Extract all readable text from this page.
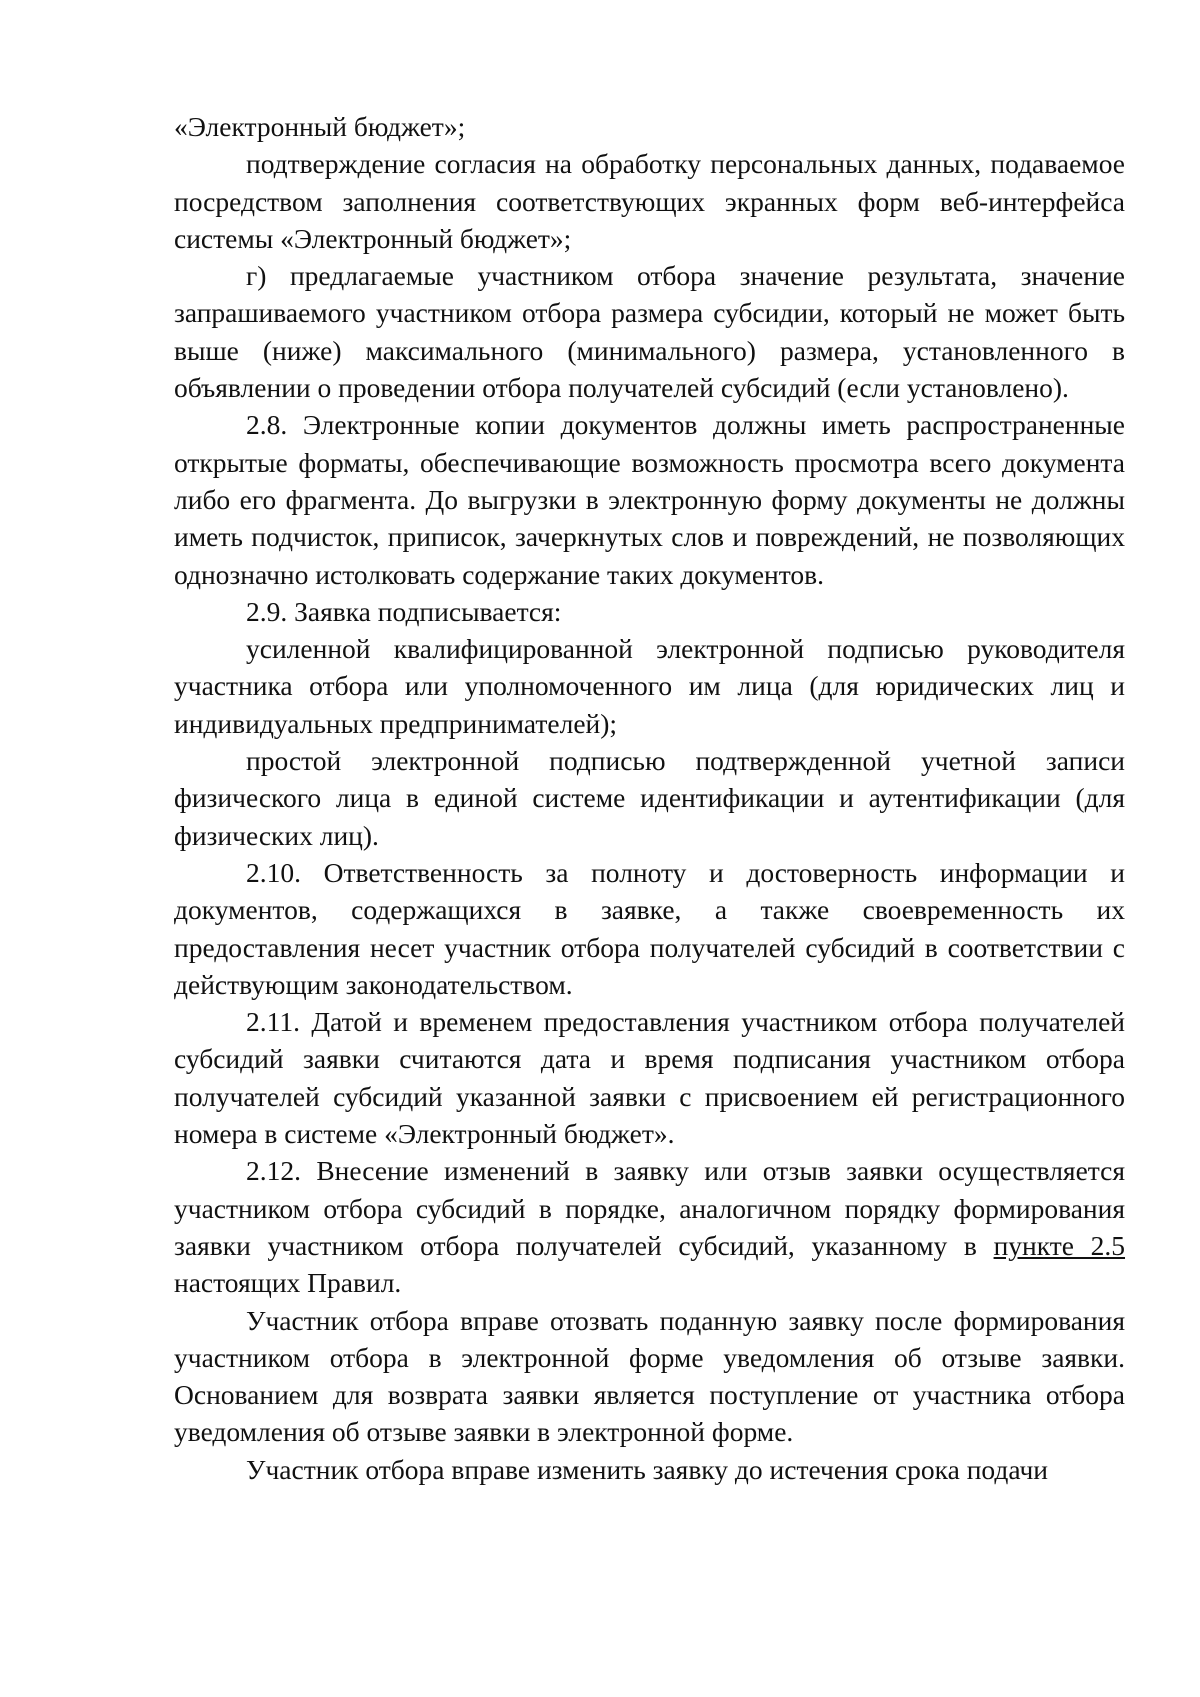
«Электронный бюджет»;

подтверждение согласия на обработку персональных данных, подаваемое посредством заполнения соответствующих экранных форм веб-интерфейса системы «Электронный бюджет»;

г) предлагаемые участником отбора значение результата, значение запрашиваемого участником отбора размера субсидии, который не может быть выше (ниже) максимального (минимального) размера, установленного в объявлении о проведении отбора получателей субсидий (если установлено).

2.8. Электронные копии документов должны иметь распространенные открытые форматы, обеспечивающие возможность просмотра всего документа либо его фрагмента. До выгрузки в электронную форму документы не должны иметь подчисток, приписок, зачеркнутых слов и повреждений, не позволяющих однозначно истолковать содержание таких документов.

2.9. Заявка подписывается:

усиленной квалифицированной электронной подписью руководителя участника отбора или уполномоченного им лица (для юридических лиц и индивидуальных предпринимателей);

простой электронной подписью подтвержденной учетной записи физического лица в единой системе идентификации и аутентификации (для физических лиц).

2.10. Ответственность за полноту и достоверность информации и документов, содержащихся в заявке, а также своевременность их предоставления несет участник отбора получателей субсидий в соответствии с действующим законодательством.

2.11. Датой и временем предоставления участником отбора получателей субсидий заявки считаются дата и время подписания участником отбора получателей субсидий указанной заявки с присвоением ей регистрационного номера в системе «Электронный бюджет».

2.12. Внесение изменений в заявку или отзыв заявки осуществляется участником отбора субсидий в порядке, аналогичном порядку формирования заявки участником отбора получателей субсидий, указанному в пункте 2.5 настоящих Правил.

Участник отбора вправе отозвать поданную заявку после формирования участником отбора в электронной форме уведомления об отзыве заявки. Основанием для возврата заявки является поступление от участника отбора уведомления об отзыве заявки в электронной форме.

Участник отбора вправе изменить заявку до истечения срока подачи
